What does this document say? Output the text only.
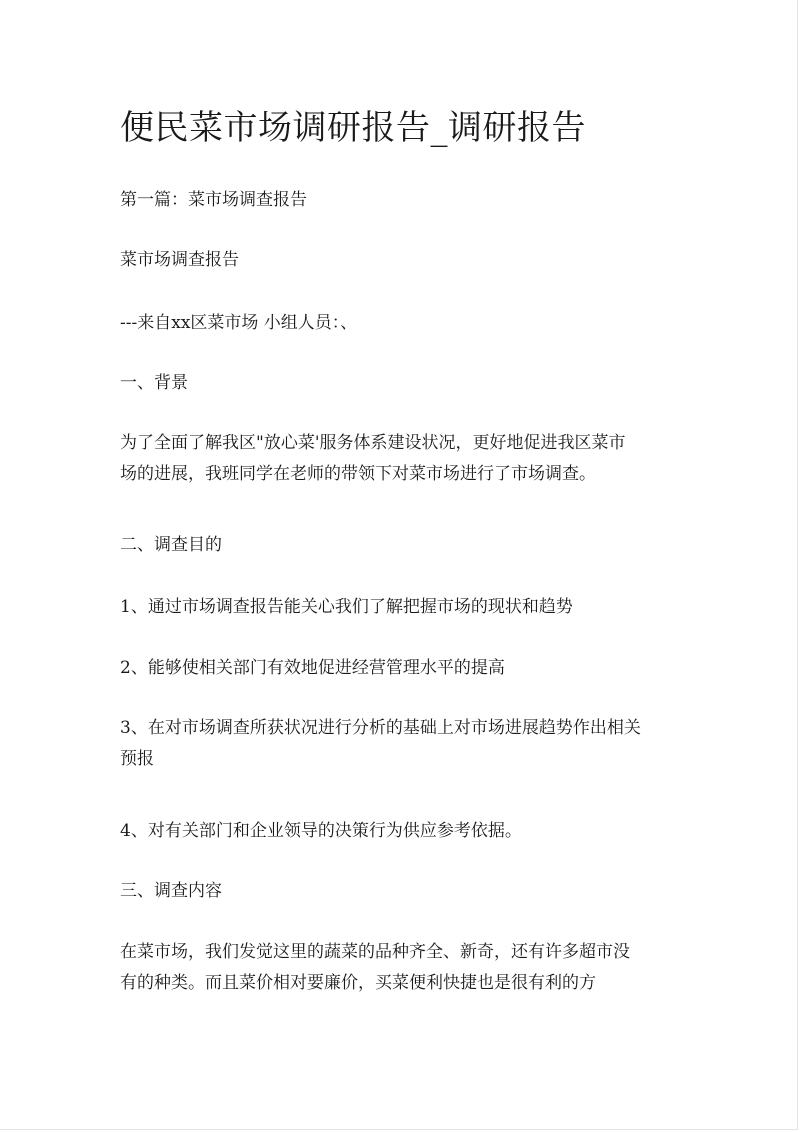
便民菜市场调研报告_调研报告

第一篇：菜市场调查报告

菜市场调查报告

---来自xx区菜市场 小组人员：、

一、背景

为了全面了解我区"放心菜'服务体系建设状况，更好地促进我区菜市
场的进展，我班同学在老师的带领下对菜市场进行了市场调查。

二、调查目的

1、通过市场调查报告能关心我们了解把握市场的现状和趋势

2、能够使相关部门有效地促进经营管理水平的提高

3、在对市场调查所获状况进行分析的基础上对市场进展趋势作出相关
预报

4、对有关部门和企业领导的决策行为供应参考依据。

三、调查内容

在菜市场，我们发觉这里的蔬菜的品种齐全、新奇，还有许多超市没
有的种类。而且菜价相对要廉价，买菜便利快捷也是很有利的方
